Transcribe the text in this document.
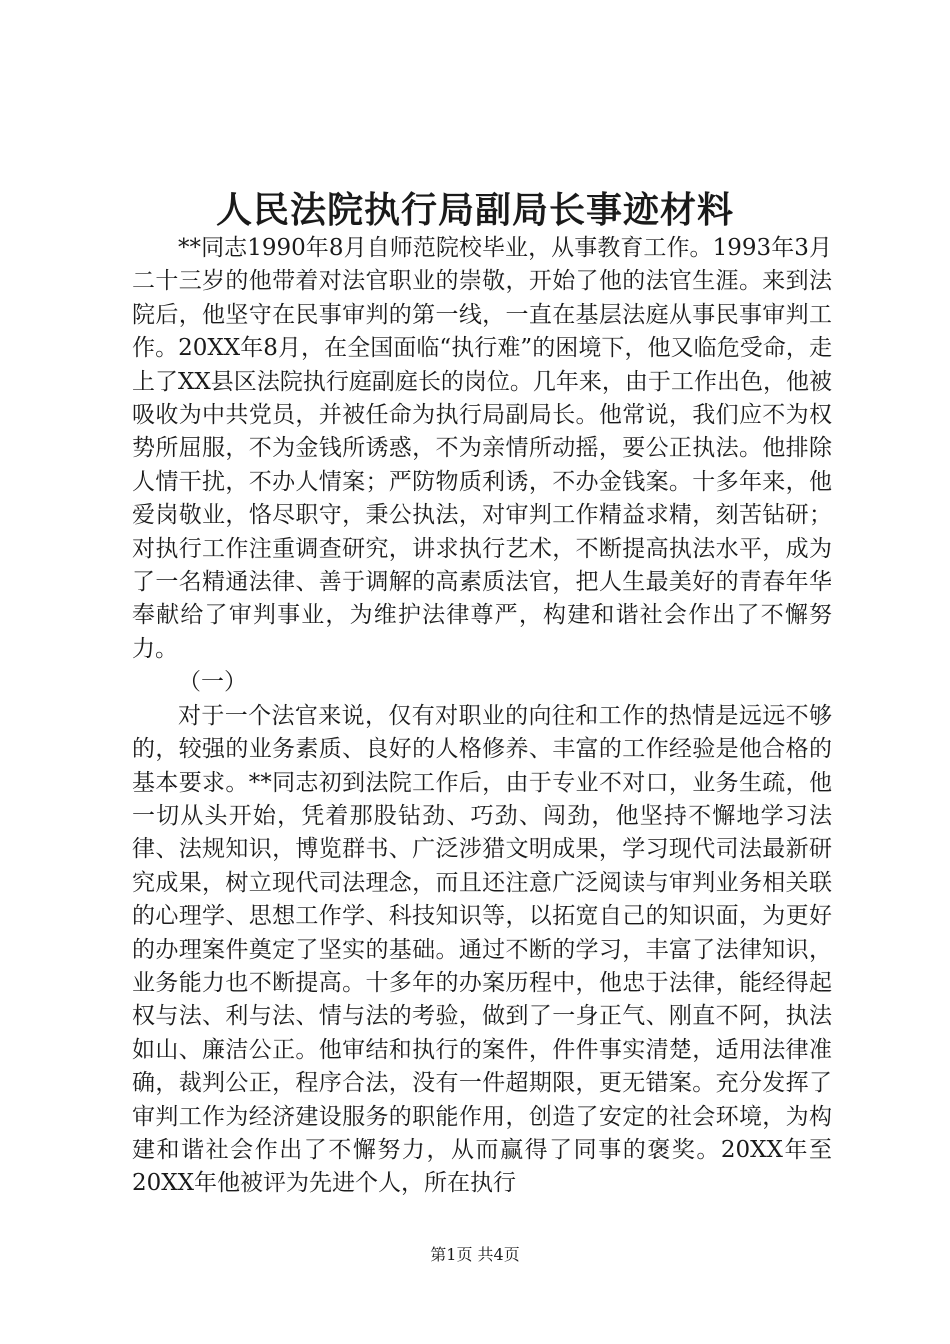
人民法院执行局副局长事迹材料

**同志1990年8月自师范院校毕业，从事教育工作。1993年3月二十三岁的他带着对法官职业的崇敬，开始了他的法官生涯。来到法院后，他坚守在民事审判的第一线，一直在基层法庭从事民事审判工作。20XX年8月，在全国面临“执行难”的困境下，他又临危受命，走上了XX县区法院执行庭副庭长的岗位。几年来，由于工作出色，他被吸收为中共党员，并被任命为执行局副局长。他常说，我们应不为权势所屈服，不为金钱所诱惑，不为亲情所动摇，要公正执法。他排除人情干扰，不办人情案；严防物质利诱，不办金钱案。十多年来，他爱岗敬业，恪尽职守，秉公执法，对审判工作精益求精，刻苦钻研；对执行工作注重调查研究，讲求执行艺术，不断提高执法水平，成为了一名精通法律、善于调解的高素质法官，把人生最美好的青春年华奉献给了审判事业，为维护法律尊严，构建和谐社会作出了不懈努力。

（一）

对于一个法官来说，仅有对职业的向往和工作的热情是远远不够的，较强的业务素质、良好的人格修养、丰富的工作经验是他合格的基本要求。**同志初到法院工作后，由于专业不对口，业务生疏，他一切从头开始，凭着那股钻劲、巧劲、闯劲，他坚持不懈地学习法律、法规知识，博览群书、广泛涉猎文明成果，学习现代司法最新研究成果，树立现代司法理念，而且还注意广泛阅读与审判业务相关联的心理学、思想工作学、科技知识等，以拓宽自己的知识面，为更好的办理案件奠定了坚实的基础。通过不断的学习，丰富了法律知识，业务能力也不断提高。十多年的办案历程中，他忠于法律，能经得起权与法、利与法、情与法的考验，做到了一身正气、刚直不阿，执法如山、廉洁公正。他审结和执行的案件，件件事实清楚，适用法律准确，裁判公正，程序合法，没有一件超期限，更无错案。充分发挥了审判工作为经济建设服务的职能作用，创造了安定的社会环境，为构建和谐社会作出了不懈努力，从而赢得了同事的褒奖。20XX年至20XX年他被评为先进个人，所在执行

第1页 共4页
